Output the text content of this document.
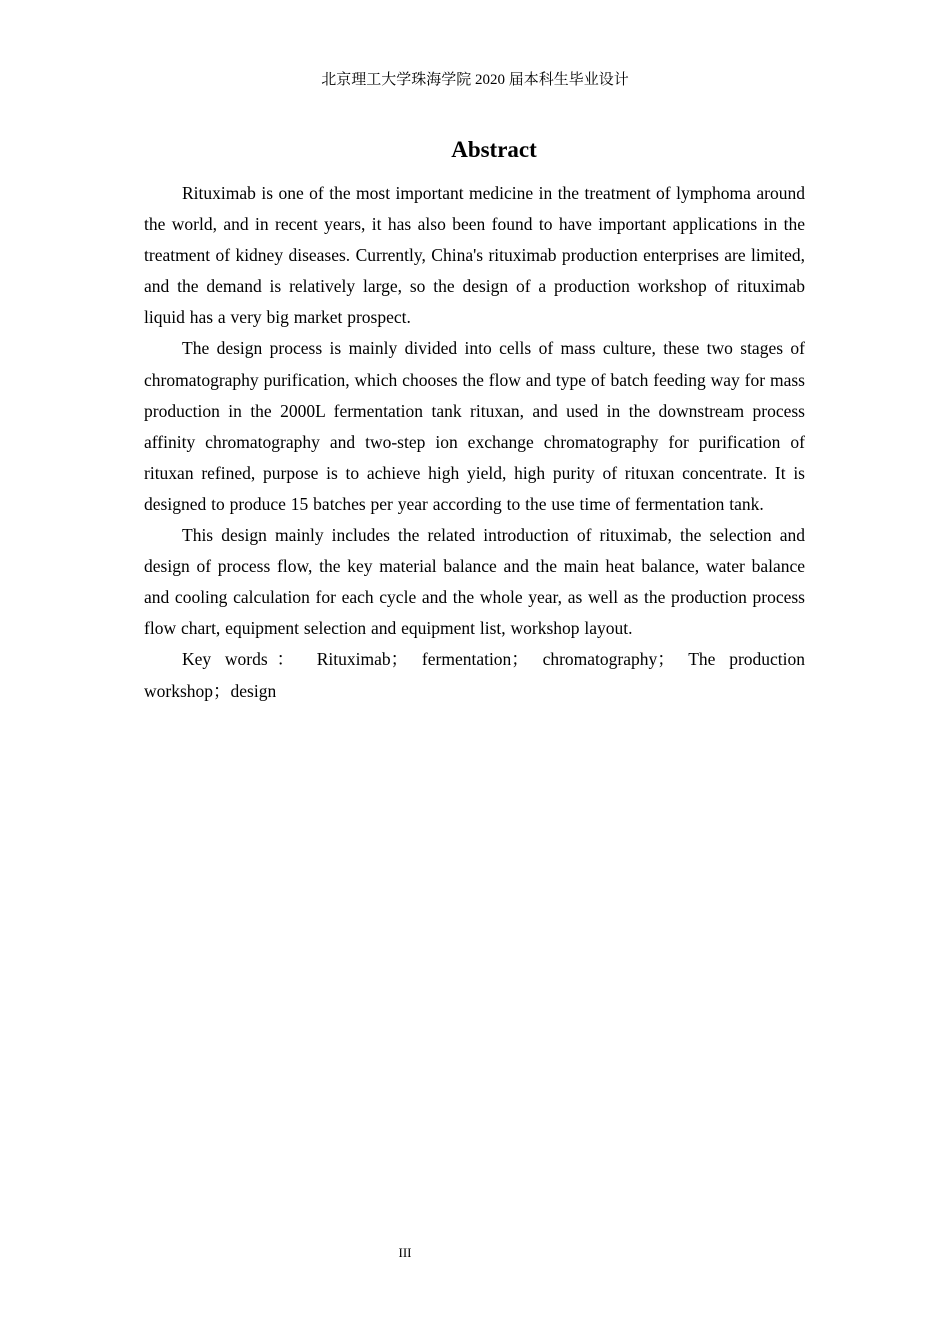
北京理工大学珠海学院 2020 届本科生毕业设计
Abstract

Rituximab is one of the most important medicine in the treatment of lymphoma around the world, and in recent years, it has also been found to have important applications in the treatment of kidney diseases. Currently, China's rituximab production enterprises are limited, and the demand is relatively large, so the design of a production workshop of rituximab liquid has a very big market prospect.

The design process is mainly divided into cells of mass culture, these two stages of chromatography purification, which chooses the flow and type of batch feeding way for mass production in the 2000L fermentation tank rituxan, and used in the downstream process affinity chromatography and two-step ion exchange chromatography for purification of rituxan refined, purpose is to achieve high yield, high purity of rituxan concentrate. It is designed to produce 15 batches per year according to the use time of fermentation tank.

This design mainly includes the related introduction of rituximab, the selection and design of process flow, the key material balance and the main heat balance, water balance and cooling calculation for each cycle and the whole year, as well as the production process flow chart, equipment selection and equipment list, workshop layout.

Key words： Rituximab； fermentation； chromatography； The production workshop；design

III
